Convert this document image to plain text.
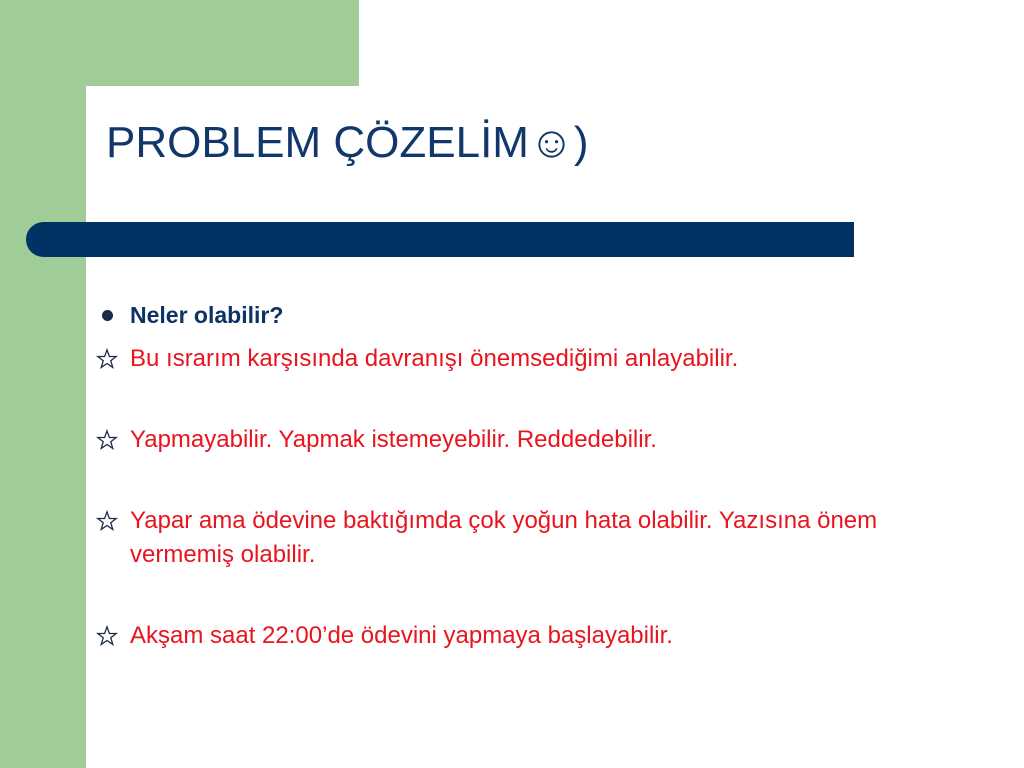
PROBLEM ÇÖZELİM☺)
Neler olabilir?
Bu ısrarım karşısında davranışı önemsediğimi anlayabilir.
Yapmayabilir. Yapmak istemeyebilir. Reddedebilir.
Yapar ama ödevine baktığımda çok yoğun hata olabilir. Yazısına önem vermemiş olabilir.
Akşam saat 22:00’de ödevini yapmaya başlayabilir.
